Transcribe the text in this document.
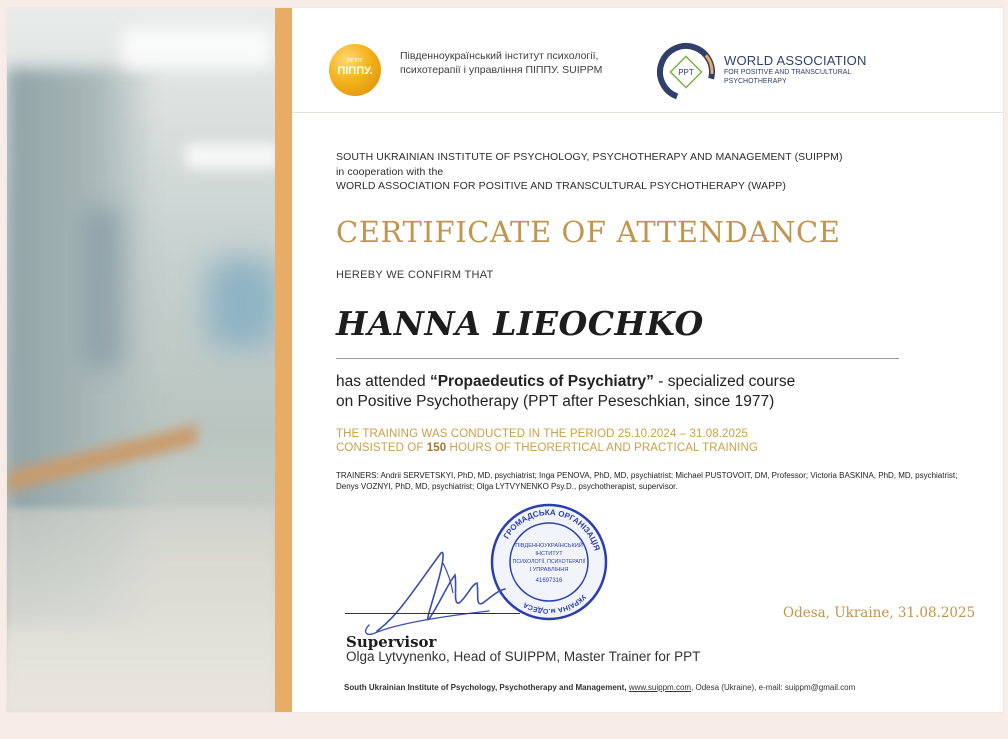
ПІППУ
ПІППУ.
Південноукраїнський інститут психології, психотерапії і управління ПІППУ. SUIPPM	PPT
WORLD ASSOCIATION
FOR POSITIVE AND TRANSCULTURAL PSYCHOTHERAPY
SOUTH UKRAINIAN INSTITUTE OF PSYCHOLOGY, PSYCHOTHERAPY AND MANAGEMENT (SUIPPM)
in cooperation with the
WORLD ASSOCIATION FOR POSITIVE AND TRANSCULTURAL PSYCHOTHERAPY (WAPP)
CERTIFICATE OF ATTENDANCE
HEREBY WE CONFIRM THAT
HANNA LIEOCHKO
has attended “Propaedeutics of Psychiatry” - specialized course
on Positive Psychotherapy (PPT after Peseschkian, since 1977)
THE TRAINING WAS CONDUCTED IN THE PERIOD 25.10.2024 – 31.08.2025
CONSISTED OF 150 HOURS OF THEORERTICAL AND PRACTICAL TRAINING
TRAINERS: Andrii SERVETSKYI, PhD, MD, psychiatrist; Inga PENOVA, PhD, MD, psychiatrist; Michael PUSTOVOIT, DM, Professor; Victoria BASKINA, PhD, MD, psychiatrist; Denys VOZNYI, PhD, MD, psychiatrist; Olga LYTVYNENKO Psy.D., psychotherapist, supervisor.
ГРОМАДСЬКА ОРГАНІЗАЦІЯ
УКРАЇНА м.ОДЕСА
ПІВДЕННОУКРАЇНСЬКИЙ
ІНСТИТУТ
ПСИХОЛОГІЇ, ПСИХОТЕРАПІЇ
І УПРАВЛІННЯ
41697316
Odesa, Ukraine, 31.08.2025
Supervisor
Olga Lytvynenko, Head of SUIPPM, Master Trainer for PPT
South Ukrainian Institute of Psychology, Psychotherapy and Management, www.suippm.com, Odesa (Ukraine), e-mail: suippm@gmail.com
